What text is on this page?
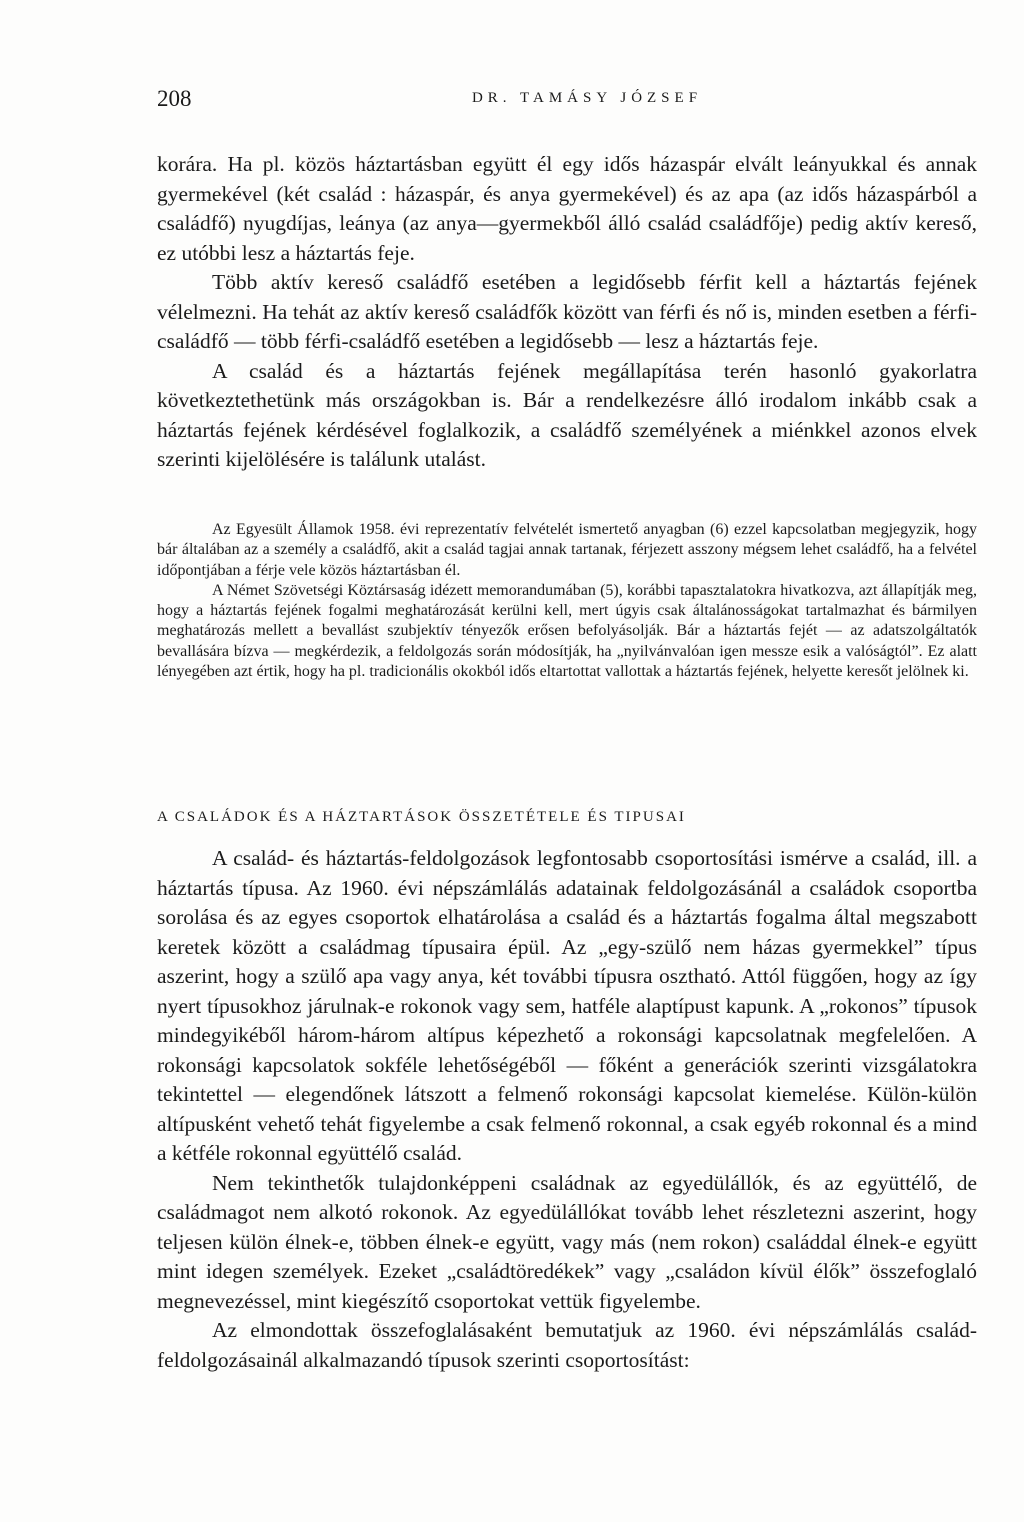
208	DR. TAMÁSY JÓZSEF

korára. Ha pl. közös háztartásban együtt él egy idős házaspár elvált leányukkal és annak gyermekével (két család : házaspár, és anya gyermekével) és az apa (az idős házaspárból a családfő) nyugdíjas, leánya (az anya—gyermekből álló család családfője) pedig aktív kereső, ez utóbbi lesz a háztartás feje.

Több aktív kereső családfő esetében a legidősebb férfit kell a háztartás fejének vélelmezni. Ha tehát az aktív kereső családfők között van férfi és nő is, minden esetben a férfi-családfő — több férfi-családfő esetében a legidősebb — lesz a háztartás feje.

A család és a háztartás fejének megállapítása terén hasonló gyakorlatra következtethetünk más országokban is. Bár a rendelkezésre álló irodalom inkább csak a háztartás fejének kérdésével foglalkozik, a családfő személyének a miénkkel azonos elvek szerinti kijelölésére is találunk utalást.

Az Egyesült Államok 1958. évi reprezentatív felvételét ismertető anyagban (6) ezzel kapcsolatban megjegyzik, hogy bár általában az a személy a családfő, akit a család tagjai annak tartanak, férjezett asszony mégsem lehet családfő, ha a felvétel időpontjában a férje vele közös háztartásban él.

A Német Szövetségi Köztársaság idézett memorandumában (5), korábbi tapasztalatokra hivatkozva, azt állapítják meg, hogy a háztartás fejének fogalmi meghatározását kerülni kell, mert úgyis csak általánosságokat tartalmazhat és bármilyen meghatározás mellett a bevallást szubjektív tényezők erősen befolyásolják. Bár a háztartás fejét — az adatszolgáltatók bevallására bízva — megkérdezik, a feldolgozás során módosítják, ha „nyilvánvalóan igen messze esik a valóságtól”. Ez alatt lényegében azt értik, hogy ha pl. tradicionális okokból idős eltartottat vallottak a háztartás fejének, helyette keresőt jelölnek ki.

A CSALÁDOK ÉS A HÁZTARTÁSOK ÖSSZETÉTELE ÉS TIPUSAI

A család- és háztartás-feldolgozások legfontosabb csoportosítási ismérve a család, ill. a háztartás típusa. Az 1960. évi népszámlálás adatainak feldolgozásánál a családok csoportba sorolása és az egyes csoportok elhatárolása a család és a háztartás fogalma által megszabott keretek között a családmag típusaira épül. Az „egy-szülő nem házas gyermekkel” típus aszerint, hogy a szülő apa vagy anya, két további típusra osztható. Attól függően, hogy az így nyert típusokhoz járulnak-e rokonok vagy sem, hatféle alaptípust kapunk. A „rokonos” típusok mindegyikéből három-három altípus képezhető a rokonsági kapcsolatnak megfelelően. A rokonsági kapcsolatok sokféle lehetőségéből — főként a generációk szerinti vizsgálatokra tekintettel — elegendőnek látszott a felmenő rokonsági kapcsolat kiemelése. Külön-külön altípusként vehető tehát figyelembe a csak felmenő rokonnal, a csak egyéb rokonnal és a mind a kétféle rokonnal együttélő család.

Nem tekinthetők tulajdonképpeni családnak az egyedülállók, és az együttélő, de családmagot nem alkotó rokonok. Az egyedülállókat tovább lehet részletezni aszerint, hogy teljesen külön élnek-e, többen élnek-e együtt, vagy más (nem rokon) családdal élnek-e együtt mint idegen személyek. Ezeket „családtöredékek” vagy „családon kívül élők” összefoglaló megnevezéssel, mint kiegészítő csoportokat vettük figyelembe.

Az elmondottak összefoglalásaként bemutatjuk az 1960. évi népszámlálás család-feldolgozásainál alkalmazandó típusok szerinti csoportosítást:
